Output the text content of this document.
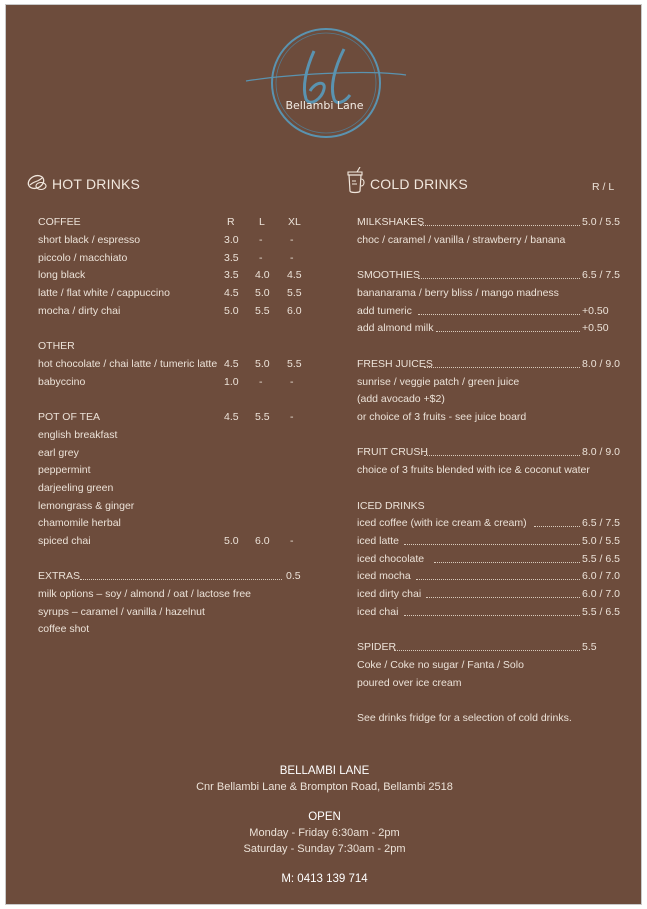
Bellambi Lane
HOT DRINKS
COFFEE	R L XL
short black / espresso	3.0 -	-
piccolo / macchiato	3.5 -	-
long black	3.5 4.0 4.5
latte / flat white / cappuccino	4.5 5.0 5.5
mocha / dirty chai	5.0 5.5 6.0
OTHER
hot chocolate / chai latte / tumeric latte 4.5 5.0 5.5
babyccino	1.0 -	-
POT OF TEA	4.5 5.5 -
english breakfast
earl grey
peppermint
darjeeling green
lemongrass & ginger
chamomile herbal
spiced chai	5.0 6.0 -
EXTRAS	0.5
milk options – soy / almond / oat / lactose free
syrups – caramel / vanilla / hazelnut
coffee shot
COLD DRINKS	R / L
MILKSHAKES	5.0 / 5.5
choc / caramel / vanilla / strawberry / banana
SMOOTHIES	6.5 / 7.5
bananarama / berry bliss / mango madness
add tumeric	+0.50
add almond milk	+0.50
FRESH JUICES	8.0 / 9.0
sunrise / veggie patch / green juice
(add avocado +$2)
or choice of 3 fruits - see juice board
FRUIT CRUSH	8.0 / 9.0
choice of 3 fruits blended with ice & coconut water
ICED DRINKS
iced coffee (with ice cream & cream)	6.5 / 7.5
iced latte	5.0 / 5.5
iced chocolate	5.5 / 6.5
iced mocha	6.0 / 7.0
iced dirty chai	6.0 / 7.0
iced chai	5.5 / 6.5
SPIDER	5.5
Coke / Coke no sugar / Fanta / Solo
poured over ice cream
See drinks fridge for a selection of cold drinks.
BELLAMBI LANE
Cnr Bellambi Lane & Brompton Road, Bellambi 2518
OPEN
Monday - Friday 6:30am - 2pm
Saturday - Sunday 7:30am - 2pm
M: 0413 139 714
